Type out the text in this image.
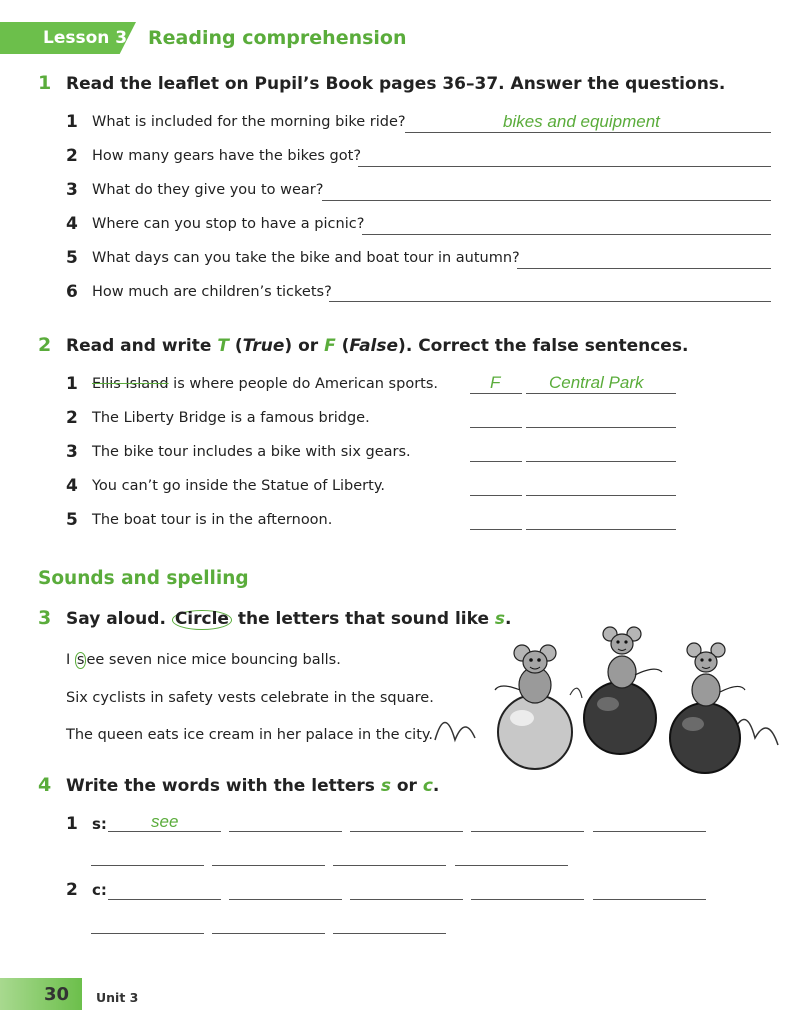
Lesson 3 Reading comprehension
1 Read the leaflet on Pupil’s Book pages 36–37. Answer the questions.
1 What is included for the morning bike ride?	bikes and equipment
2 How many gears have the bikes got?
3 What do they give you to wear?
4 Where can you stop to have a picnic?
5 What days can you take the bike and boat tour in autumn?
6 How much are children’s tickets?
2 Read and write T (True) or F (False). Correct the false sentences.
1 Ellis Island is where people do American sports.	F	Central Park
2 The Liberty Bridge is a famous bridge.
3 The bike tour includes a bike with six gears.
4 You can’t go inside the Statue of Liberty.
5 The boat tour is in the afternoon.
Sounds and spelling
3 Say aloud. Circle the letters that sound like s.
I s ee seven nice mice bouncing balls.
Six cyclists in safety vests celebrate in the square.
The queen eats ice cream in her palace in the city.
4 Write the words with the letters s or c.
1 s:	see
2 c:
30 Unit 3
